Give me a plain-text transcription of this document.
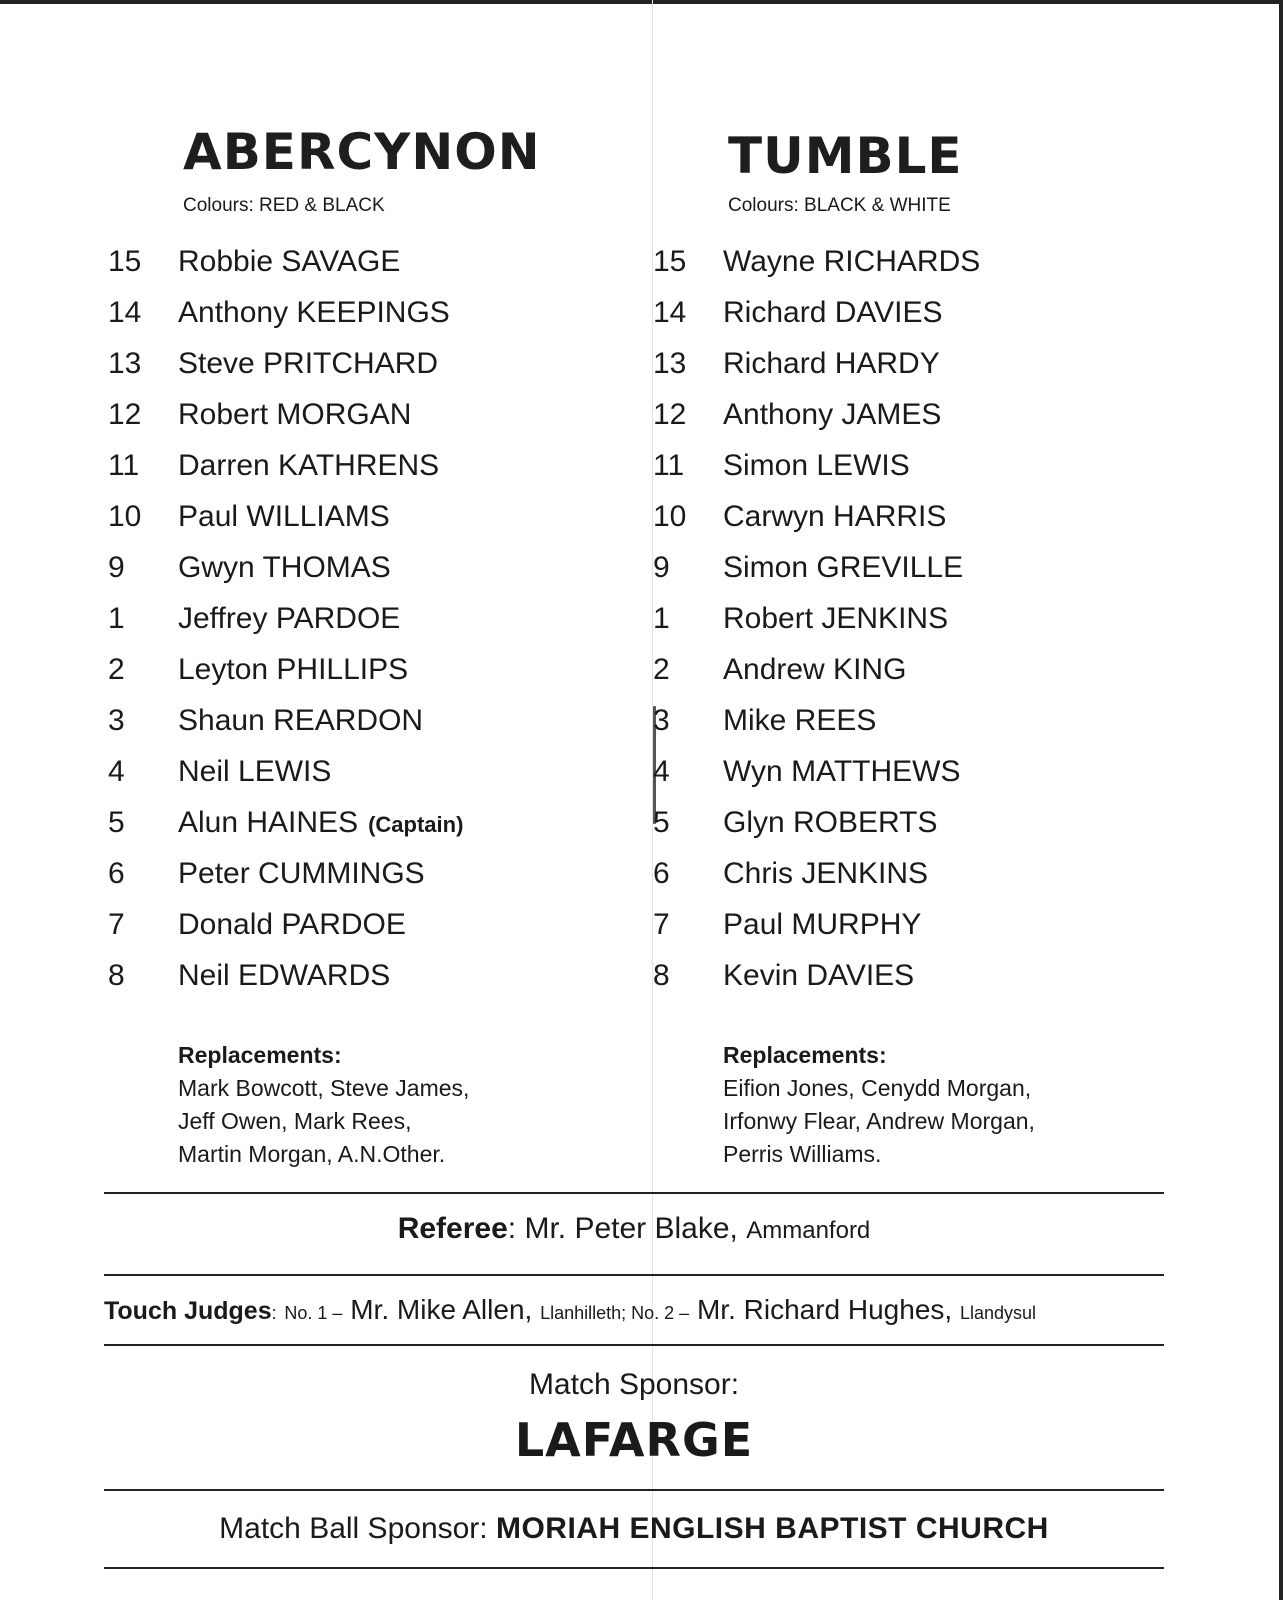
ABERCYNON
Colours: RED & BLACK
15	Robbie SAVAGE
14	Anthony KEEPINGS
13	Steve PRITCHARD
12	Robert MORGAN
11	Darren KATHRENS
10	Paul WILLIAMS
9	Gwyn THOMAS
1	Jeffrey PARDOE
2	Leyton PHILLIPS
3	Shaun REARDON
4	Neil LEWIS
5	Alun HAINES (Captain)
6	Peter CUMMINGS
7	Donald PARDOE
8	Neil EDWARDS
Replacements:
Mark Bowcott, Steve James,
Jeff Owen, Mark Rees,
Martin Morgan, A.N.Other.
TUMBLE
Colours: BLACK & WHITE
15	Wayne RICHARDS
14	Richard DAVIES
13	Richard HARDY
12	Anthony JAMES
11	Simon LEWIS
10	Carwyn HARRIS
9	Simon GREVILLE
1	Robert JENKINS
2	Andrew KING
3	Mike REES
4	Wyn MATTHEWS
5	Glyn ROBERTS
6	Chris JENKINS
7	Paul MURPHY
8	Kevin DAVIES
Replacements:
Eifion Jones, Cenydd Morgan,
Irfonwy Flear, Andrew Morgan,
Perris Williams.
Referee: Mr. Peter Blake, Ammanford
Touch Judges: No. 1 – Mr. Mike Allen, Llanhilleth; No. 2 – Mr. Richard Hughes, Llandysul
Match Sponsor:
LAFARGE
Match Ball Sponsor: MORIAH ENGLISH BAPTIST CHURCH
